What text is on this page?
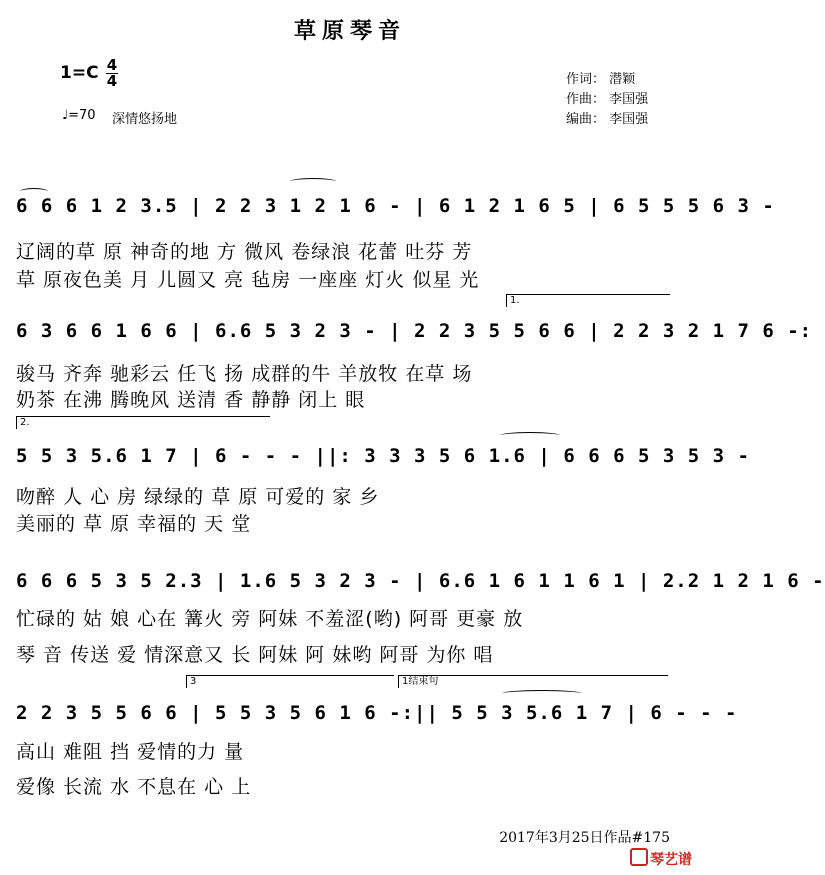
草原琴音
1=C 4
4
♩=70 深情悠扬地
作词： 潜颖
作曲： 李国强
编曲： 李国强
6 6 6 1 2 3.5 | 2 2 3 1 2 1 6 - | 6 1 2 1 6 5 | 6 5 5 5 6 3 -
辽阔的草 原 神奇的地 方 微风 卷绿浪 花蕾 吐芬 芳
草 原夜色美 月 儿圆又 亮 毡房 一座座 灯火 似星 光
1.
6 3 6 6 1 6 6 | 6.6 5 3 2 3 - | 2 2 3 5 5 6 6 | 2 2 3 2 1 7 6 -:
骏马 齐奔 驰彩云 任飞 扬 成群的牛 羊放牧 在草 场
奶茶 在沸 腾晚风 送清 香 静静 闭上 眼
2.
5 5 3 5.6 1 7 | 6 - - - ||: 3 3 3 5 6 1.6 | 6 6 6 5 3 5 3 -
吻醉 人 心 房 绿绿的 草 原 可爱的 家 乡
美丽的 草 原 幸福的 天 堂
6 6 6 5 3 5 2.3 | 1.6 5 3 2 3 - | 6.6 1 6 1 1 6 1 | 2.2 1 2 1 6 -
忙碌的 姑 娘 心在 篝火 旁 阿妹 不羞涩(哟) 阿哥 更豪 放
琴 音 传送 爱 情深意又 长 阿妹 阿 妹哟 阿哥 为你 唱
3	1结束句
2 2 3 5 5 6 6 | 5 5 3 5 6 1 6 -:|| 5 5 3 5.6 1 7 | 6 - - -
高山 难阻 挡 爱情的力 量
爱像 长流 水 不息在 心 上
2017年3月25日作品#175
琴艺谱
